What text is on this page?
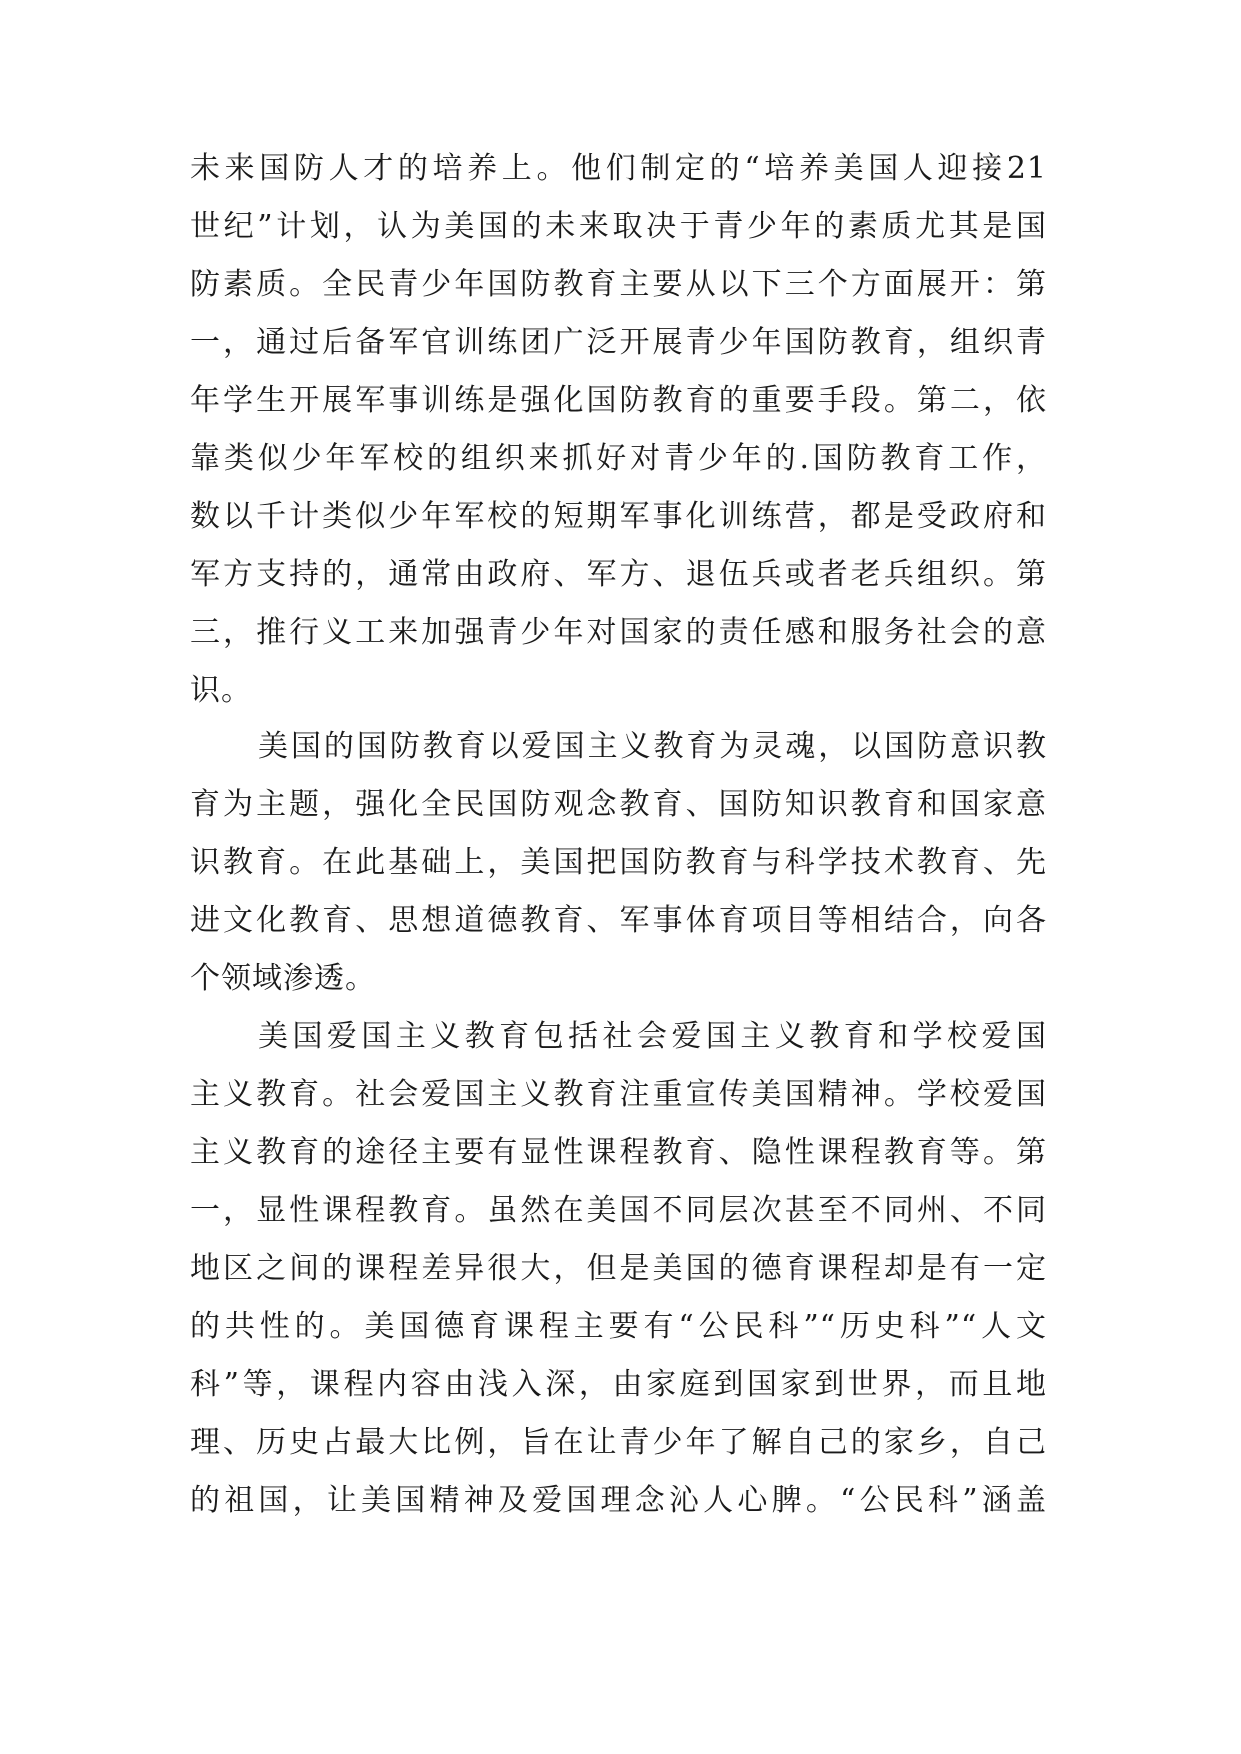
未来国防人才的培养上。他们制定的“培养美国人迎接21
世纪”计划，认为美国的未来取决于青少年的素质尤其是国
防素质。全民青少年国防教育主要从以下三个方面展开：第
一，通过后备军官训练团广泛开展青少年国防教育，组织青
年学生开展军事训练是强化国防教育的重要手段。第二，依
靠类似少年军校的组织来抓好对青少年的.国防教育工作，
数以千计类似少年军校的短期军事化训练营，都是受政府和
军方支持的，通常由政府、军方、退伍兵或者老兵组织。第
三，推行义工来加强青少年对国家的责任感和服务社会的意
识。
美国的国防教育以爱国主义教育为灵魂，以国防意识教
育为主题，强化全民国防观念教育、国防知识教育和国家意
识教育。在此基础上，美国把国防教育与科学技术教育、先
进文化教育、思想道德教育、军事体育项目等相结合，向各
个领域渗透。
美国爱国主义教育包括社会爱国主义教育和学校爱国
主义教育。社会爱国主义教育注重宣传美国精神。学校爱国
主义教育的途径主要有显性课程教育、隐性课程教育等。第
一，显性课程教育。虽然在美国不同层次甚至不同州、不同
地区之间的课程差异很大，但是美国的德育课程却是有一定
的共性的。美国德育课程主要有“公民科”“历史科”“人文
科”等，课程内容由浅入深，由家庭到国家到世界，而且地
理、历史占最大比例，旨在让青少年了解自己的家乡，自己
的祖国，让美国精神及爱国理念沁人心脾。“公民科”涵盖
